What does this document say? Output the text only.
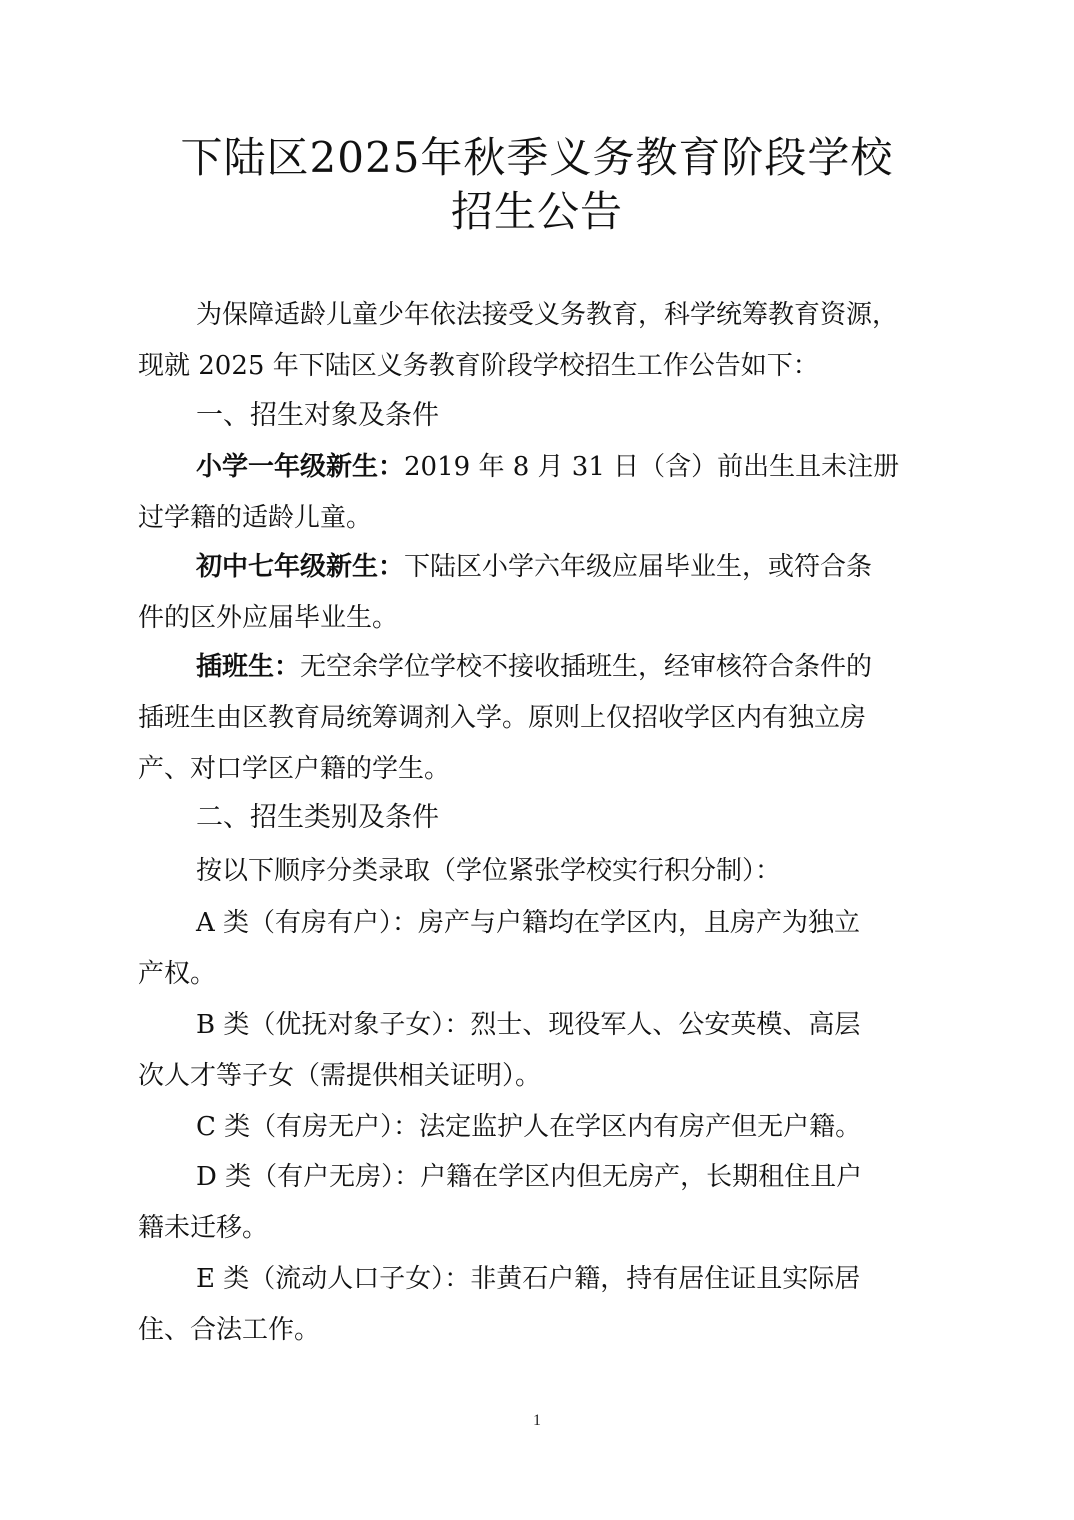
下陆区2025年秋季义务教育阶段学校
招生公告
为保障适龄儿童少年依法接受义务教育，科学统筹教育资源，
现就 2025 年下陆区义务教育阶段学校招生工作公告如下：
一、招生对象及条件
小学一年级新生：2019 年 8 月 31 日（含）前出生且未注册
过学籍的适龄儿童。
初中七年级新生：下陆区小学六年级应届毕业生，或符合条
件的区外应届毕业生。
插班生：无空余学位学校不接收插班生，经审核符合条件的
插班生由区教育局统筹调剂入学。原则上仅招收学区内有独立房
产、对口学区户籍的学生。
二、招生类别及条件
按以下顺序分类录取（学位紧张学校实行积分制）：
A 类（有房有户）：房产与户籍均在学区内，且房产为独立
产权。
B 类（优抚对象子女）：烈士、现役军人、公安英模、高层
次人才等子女（需提供相关证明）。
C 类（有房无户）：法定监护人在学区内有房产但无户籍。
D 类（有户无房）：户籍在学区内但无房产，长期租住且户
籍未迁移。
E 类（流动人口子女）：非黄石户籍，持有居住证且实际居
住、合法工作。
1
